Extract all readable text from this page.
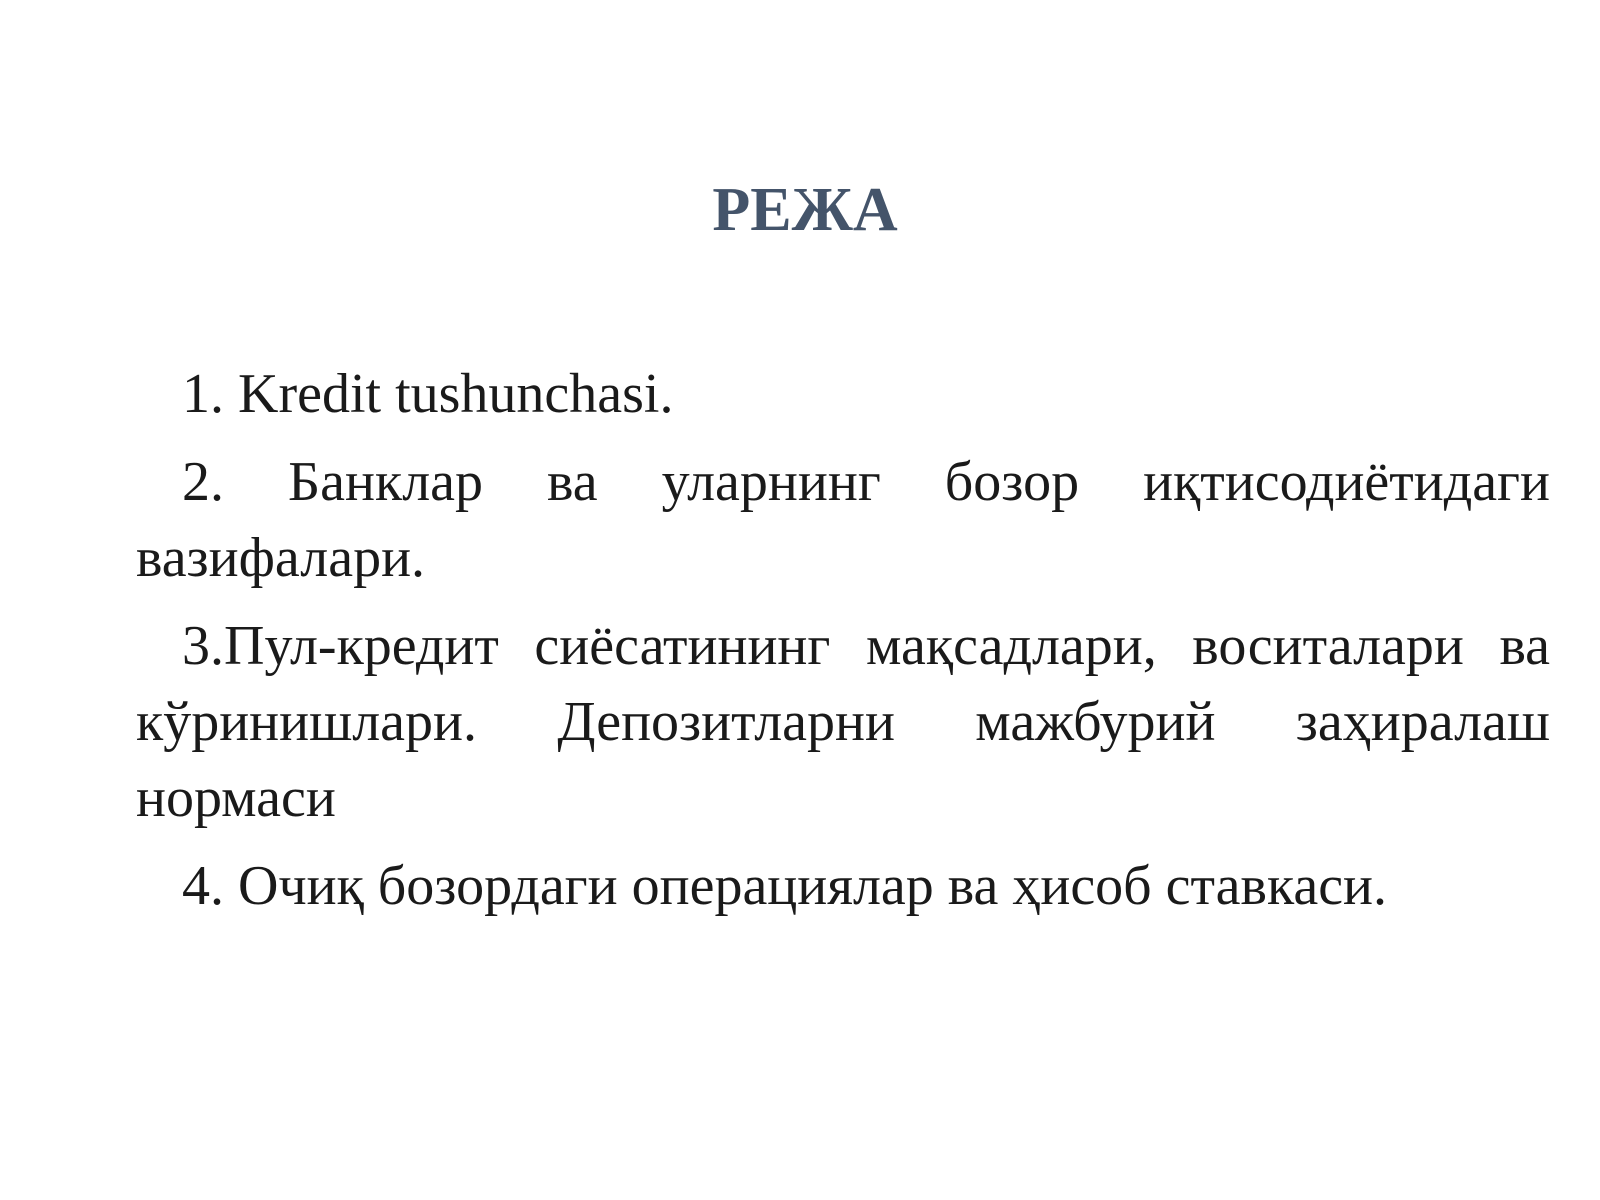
РЕЖА

1. Kredit tushunchasi.

2. Банклар ва уларнинг бозор иқтисодиётидаги вазифалари.

3.Пул-кредит сиёсатининг мақсадлари, воситалари ва кўринишлари. Депозитларни мажбурий заҳиралаш нормаси

4. Очиқ бозордаги операциялар ва ҳисоб ставкаси.
